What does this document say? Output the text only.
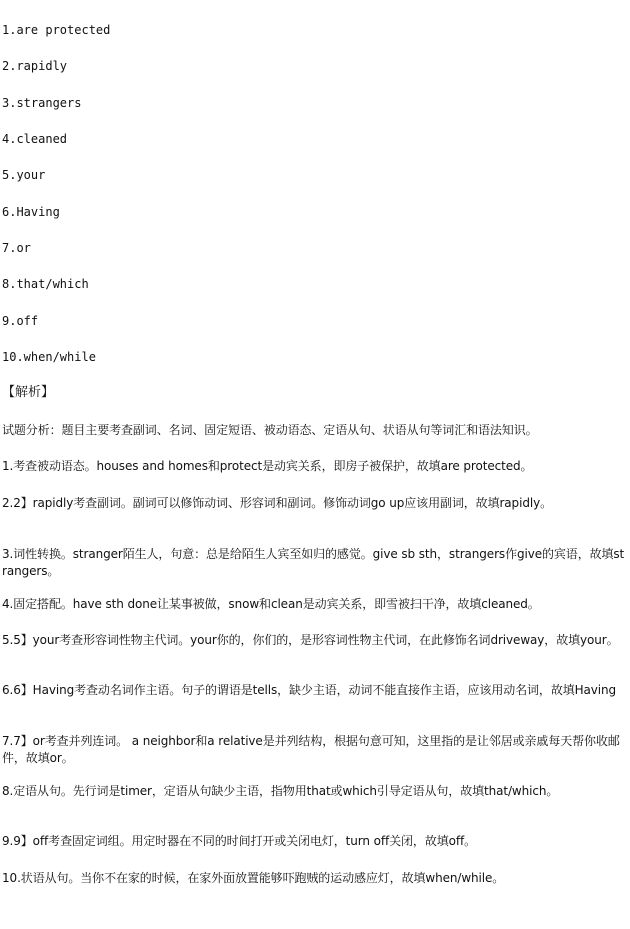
1.are protected
2.rapidly
3.strangers
4.cleaned
5.your
6.Having
7.or
8.that/which
9.off
10.when/while
【解析】
试题分析：题目主要考查副词、名词、固定短语、被动语态、定语从句、状语从句等词汇和语法知识。
1.考查被动语态。houses and homes和protect是动宾关系，即房子被保护，故填are protected。
2.2】rapidly考查副词。副词可以修饰动词、形容词和副词。修饰动词go up应该用副词，故填rapidly。
3.词性转换。stranger陌生人，句意：总是给陌生人宾至如归的感觉。give sb sth，strangers作give的宾语，故填strangers。
4.固定搭配。have sth done让某事被做，snow和clean是动宾关系，即雪被扫干净，故填cleaned。
5.5】your考查形容词性物主代词。your你的，你们的，是形容词性物主代词，在此修饰名词driveway，故填your。
6.6】Having考查动名词作主语。句子的谓语是tells，缺少主语，动词不能直接作主语，应该用动名词，故填Having
7.7】or考查并列连词。 a neighbor和a relative是并列结构，根据句意可知，这里指的是让邻居或亲戚每天帮你收邮件，故填or。
8.定语从句。先行词是timer，定语从句缺少主语，指物用that或which引导定语从句，故填that/which。
9.9】off考查固定词组。用定时器在不同的时间打开或关闭电灯，turn off关闭，故填off。
10.状语从句。当你不在家的时候，在家外面放置能够吓跑贼的运动感应灯，故填when/while。
